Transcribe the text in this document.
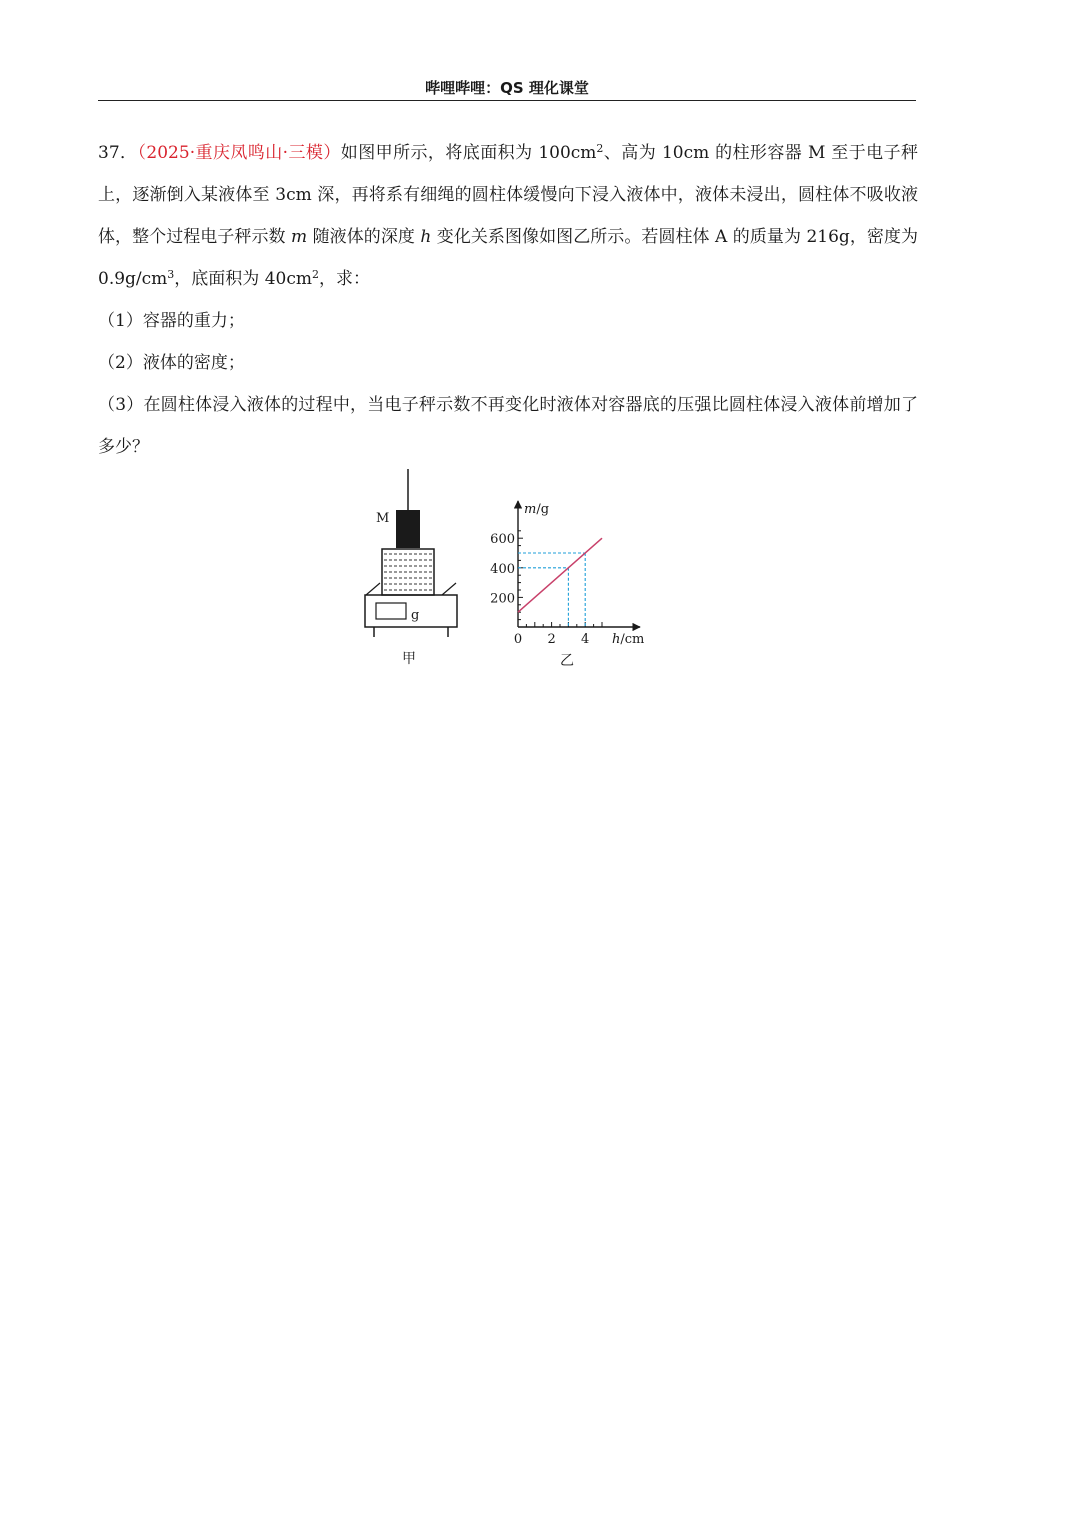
哔哩哔哩：QS 理化课堂

37．（2025·重庆凤鸣山·三模）如图甲所示，将底面积为 $100cm^2$、高为 10cm 的柱形容器 M 至于电子秤上，逐渐倒入某液体至 3cm 深，再将系有细绳的圆柱体缓慢向下浸入液体中，液体未浸出，圆柱体不吸收液体，整个过程电子秤示数 m 随液体的深度 h 变化关系图像如图乙所示。若圆柱体 A 的质量为 216g，密度为 $0.9g/cm^3$，底面积为 $40cm^2$，求：

（1）容器的重力；

（2）液体的密度；

（3）在圆柱体浸入液体的过程中，当电子秤示数不再变化时液体对容器底的压强比圆柱体浸入液体前增加了多少？

M
g
甲
m/g
h/cm
200
400
600
0 2 4
乙
